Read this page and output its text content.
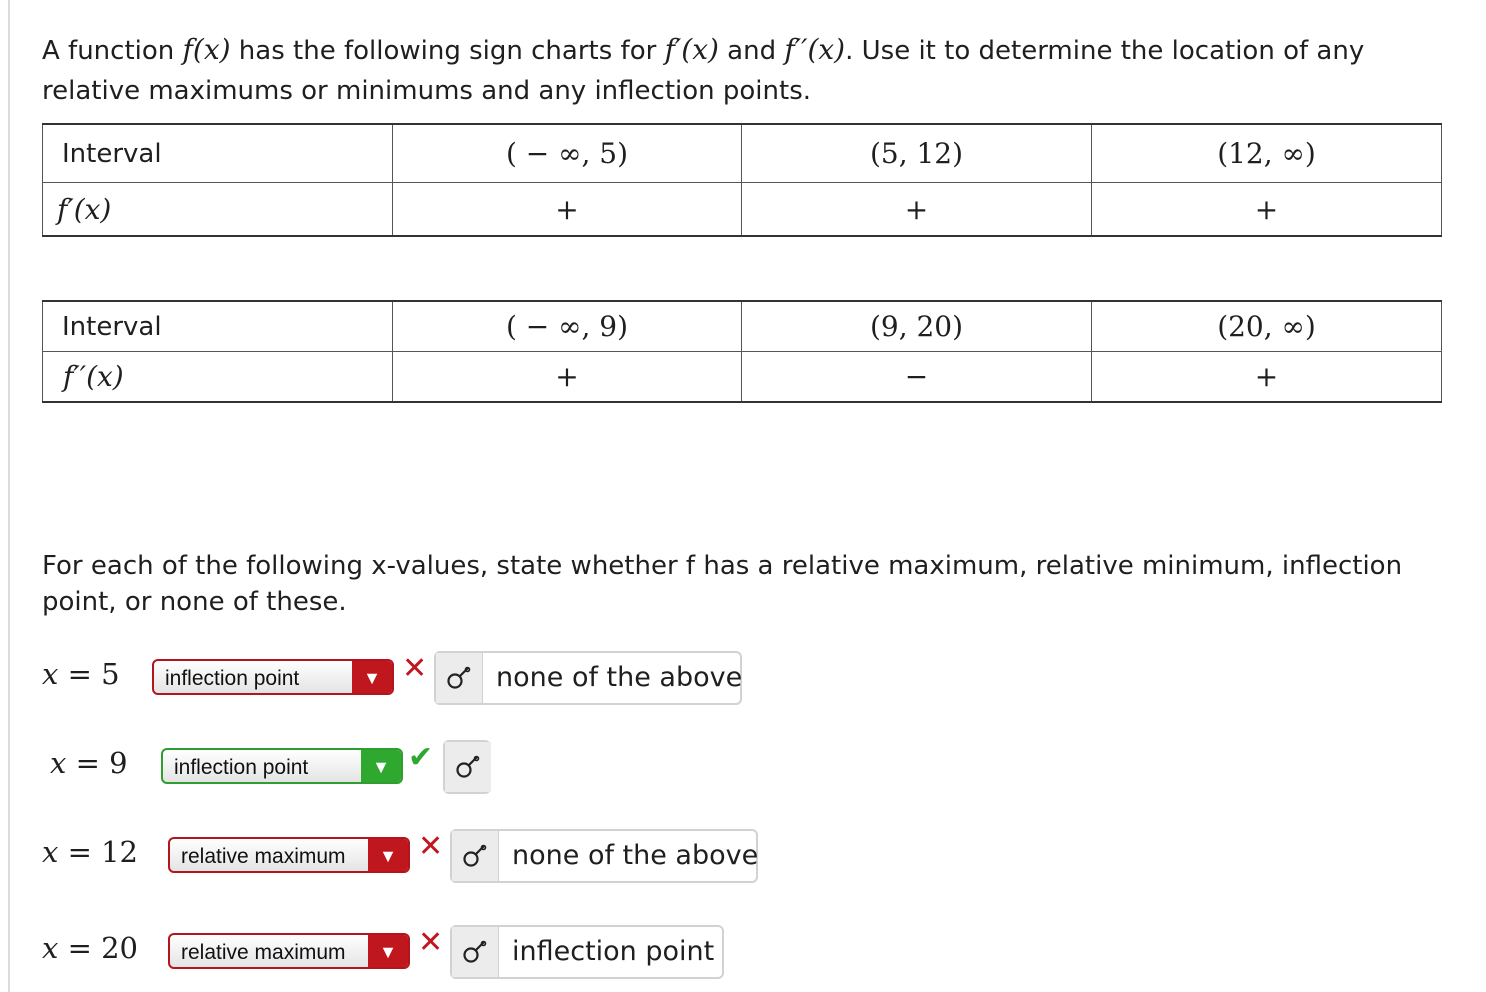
A function f(x) has the following sign charts for f′(x) and f′′(x). Use it to determine the location of any relative maximums or minimums and any inflection points.
Interval	( − ∞, 5)	(5, 12)	(12, ∞)
f′(x)	+	+	+
Interval	( − ∞, 9)	(9, 20)	(20, ∞)
f′′(x)	+	−	+
For each of the following x-values, state whether f has a relative maximum, relative minimum, inflection point, or none of these.
x = 5 inflection point	▼ ✕	none of the above
x = 9 inflection point	▼ ✔
x = 12 relative maximum	▼ ✕	none of the above
x = 20 relative maximum	▼ ✕	inflection point
